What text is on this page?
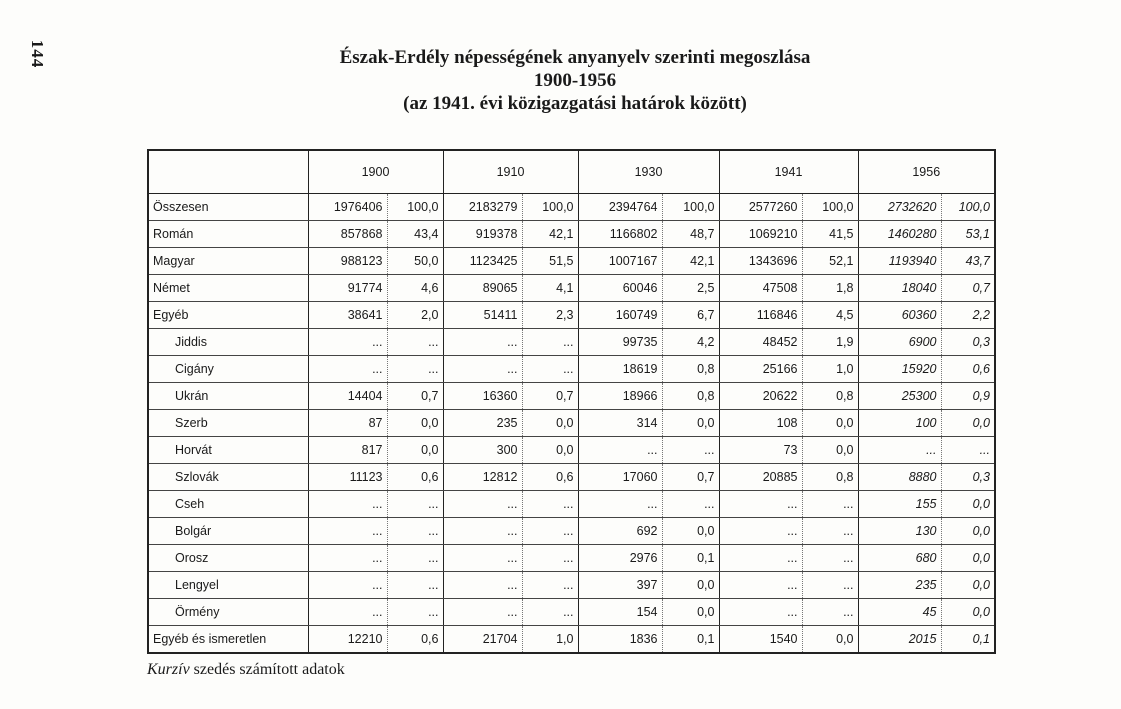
144	Észak-Erdély népességének anyanyelv szerinti megoszlása
1900-1956
(az 1941. évi közigazgatási határok között)
	1900		1910		1930		1941		1956	
Összesen	1976406	100,0	2183279	100,0	2394764	100,0	2577260	100,0	2732620	100,0
Román	857868	43,4	919378	42,1	1166802	48,7	1069210	41,5	1460280	53,1
Magyar	988123	50,0	1123425	51,5	1007167	42,1	1343696	52,1	1193940	43,7
Német	91774	4,6	89065	4,1	60046	2,5	47508	1,8	18040	0,7
Egyéb	38641	2,0	51411	2,3	160749	6,7	116846	4,5	60360	2,2
Jiddis	...	...	...	...	99735	4,2	48452	1,9	6900	0,3
Cigány	...	...	...	...	18619	0,8	25166	1,0	15920	0,6
Ukrán	14404	0,7	16360	0,7	18966	0,8	20622	0,8	25300	0,9
Szerb	87	0,0	235	0,0	314	0,0	108	0,0	100	0,0
Horvát	817	0,0	300	0,0	...	...	73	0,0	...	...
Szlovák	11123	0,6	12812	0,6	17060	0,7	20885	0,8	8880	0,3
Cseh	...	...	...	...	...	...	...	...	155	0,0
Bolgár	...	...	...	...	692	0,0	...	...	130	0,0
Orosz	...	...	...	...	2976	0,1	...	...	680	0,0
Lengyel	...	...	...	...	397	0,0	...	...	235	0,0
Örmény	...	...	...	...	154	0,0	...	...	45	0,0
Egyéb és ismeretlen	12210	0,6	21704	1,0	1836	0,1	1540	0,0	2015	0,1
Kurzív szedés számított adatok
